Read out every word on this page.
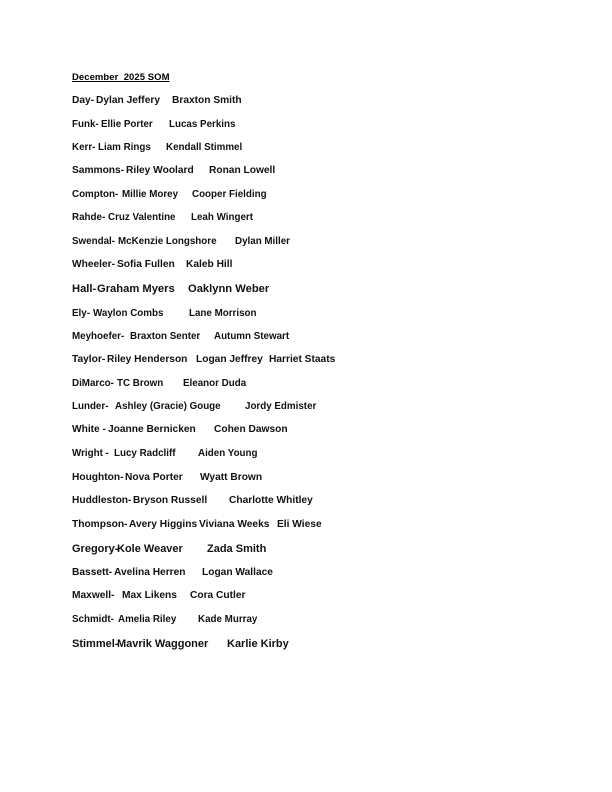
December  2025 SOM
Day- Dylan Jeffery Braxton Smith
Funk- Ellie Porter Lucas Perkins
Kerr- Liam Rings Kendall Stimmel
Sammons- Riley Woolard Ronan Lowell
Compton- Millie Morey Cooper Fielding
Rahde- Cruz Valentine Leah Wingert
Swendal- McKenzie Longshore Dylan Miller
Wheeler- Sofia Fullen Kaleb Hill
Hall- Graham Myers Oaklynn Weber
Ely- Waylon Combs	Lane Morrison
Meyhoefer- Braxton Senter Autumn Stewart
Taylor- Riley Henderson Logan Jeffrey Harriet Staats
DiMarco- TC Brown Eleanor Duda
Lunder- Ashley (Gracie) Gouge Jordy Edmister
White - Joanne Bernicken Cohen Dawson
Wright - Lucy Radcliff Aiden Young
Houghton- Nova Porter Wyatt Brown
Huddleston- Bryson Russell Charlotte Whitley
Thompson- Avery Higgins Viviana Weeks Eli Wiese
Gregory-
Kole Weaver Zada Smith
Bassett- Avelina Herren Logan Wallace
Maxwell- Max Likens Cora Cutler
Schmidt- Amelia Riley Kade Murray
Stimmel-
Mavrik Waggoner Karlie Kirby
